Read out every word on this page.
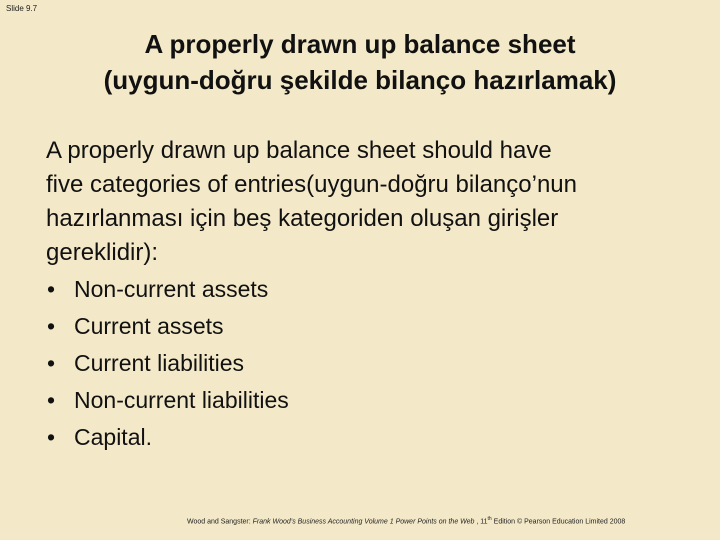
Slide 9.7
A properly drawn up balance sheet
(uygun-doğru şekilde bilanço hazırlamak)
A properly drawn up balance sheet should have
five categories of entries(uygun-doğru bilanço’nun
hazırlanması için beş kategoriden oluşan girişler
gereklidir):
• Non-current assets
• Current assets
• Current liabilities
• Non-current liabilities
• Capital.
Wood and Sangster: Frank Wood’s Business Accounting Volume 1 Power Points on the Web , 11th Edition © Pearson Education Limited 2008
